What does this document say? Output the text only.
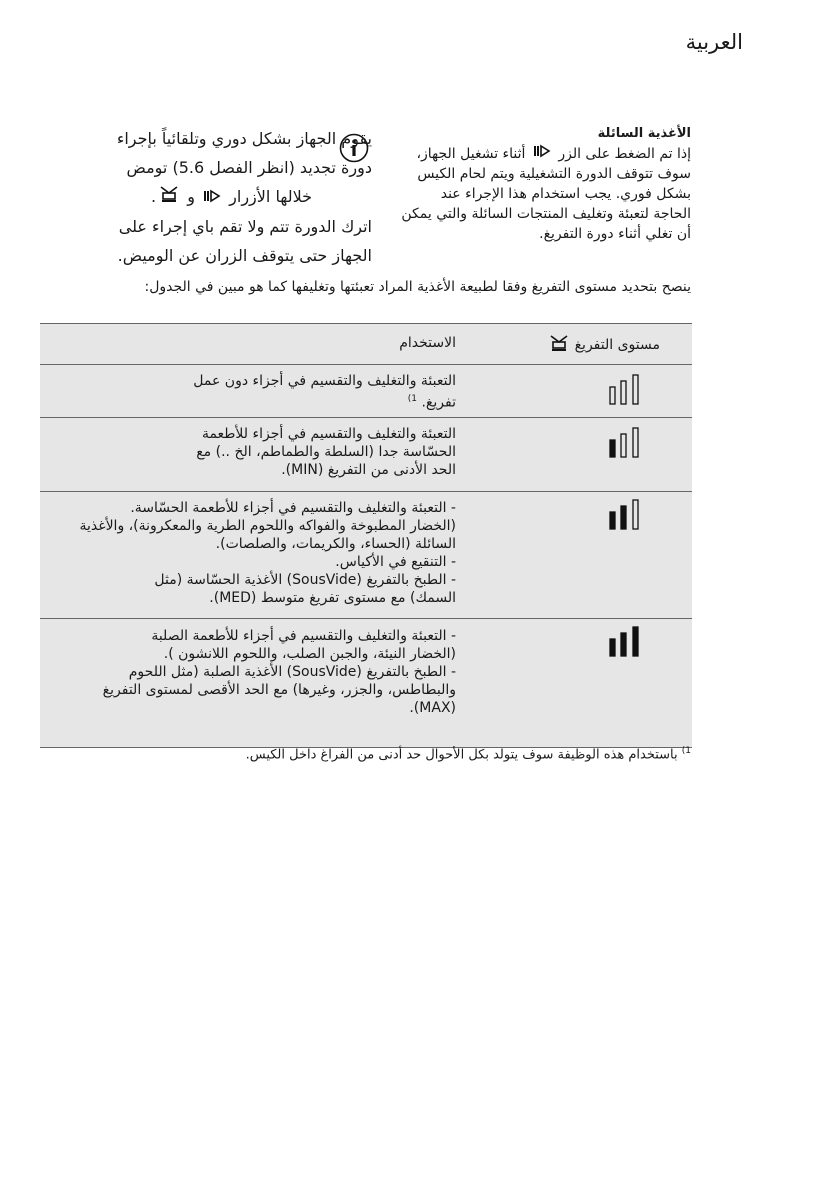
العربية
الأغذية السائلة
إذا تم الضغط على الزر  أثناء تشغيل الجهاز،
سوف تتوقف الدورة التشغيلية ويتم لحام الكيس
بشكل فوري. يجب استخدام هذا الإجراء عند
الحاجة لتعبئة وتغليف المنتجات السائلة والتي يمكن
أن تغلي أثناء دورة التفريغ.
يقوم الجهاز بشكل دوري وتلقائياً بإجراء
دورة تجديد (انظر الفصل 5.6) تومض
خلالها الأزرار  و .
اترك الدورة تتم ولا تقم باي إجراء على
الجهاز حتى يتوقف الزران عن الوميض.
ينصح بتحديد مستوى التفريغ وفقا لطبيعة الأغذية المراد تعبئتها وتغليفها كما هو مبين في الجدول:
مستوى التفريغ
الاستخدام
التعبئة والتغليف والتقسيم في أجزاء دون عمل
تفريغ. $^{1)}$
التعبئة والتغليف والتقسيم في أجزاء للأطعمة
الحسّاسة جدا (السلطة والطماطم، الخ ..) مع
الحد الأدنى من التفريغ (MIN).
- التعبئة والتغليف والتقسيم في أجزاء للأطعمة الحسّاسة.
(الخضار المطبوخة والفواكه واللحوم الطرية والمعكرونة)، والأغذية
السائلة (الحساء، والكريمات، والصلصات).
- التنقيع في الأكياس.
- الطبخ بالتفريغ (SousVide) الأغذية الحسّاسة (مثل
السمك) مع مستوى تفريغ متوسط (MED).
- التعبئة والتغليف والتقسيم في أجزاء للأطعمة الصلبة
(الخضار النيئة، والجبن الصلب، واللحوم اللانشون ).
- الطبخ بالتفريغ (SousVide) الأغذية الصلبة (مثل اللحوم
والبطاطس، والجزر، وغيرها) مع الحد الأقصى لمستوى التفريغ
(MAX).
$^{1)}$ باستخدام هذه الوظيفة سوف يتولد بكل الأحوال حد أدنى من الفراغ داخل الكيس.
